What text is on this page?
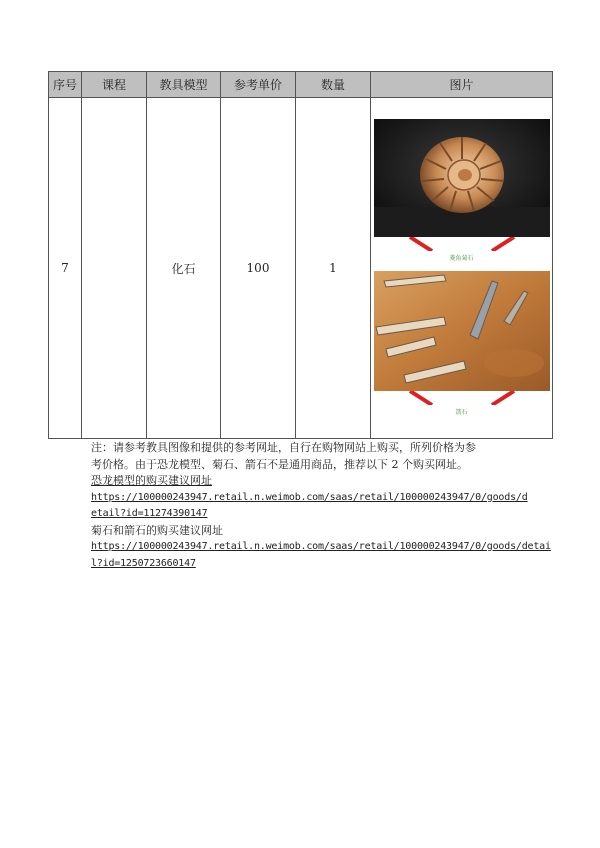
序号	课程	教具模型	参考单价	数量	图片
7		化石	100	1	菱角菊石
箭石

注：请参考教具图像和提供的参考网址，自行在购物网站上购买，所列价格为参

考价格。由于恐龙模型、菊石、箭石不是通用商品，推荐以下 2 个购买网址。

恐龙模型的购买建议网址

https://100000243947.retail.n.weimob.com/saas/retail/100000243947/0/goods/d

etail?id=11274390147

菊石和箭石的购买建议网址

https://100000243947.retail.n.weimob.com/saas/retail/100000243947/0/goods/detai

l?id=1250723660147
